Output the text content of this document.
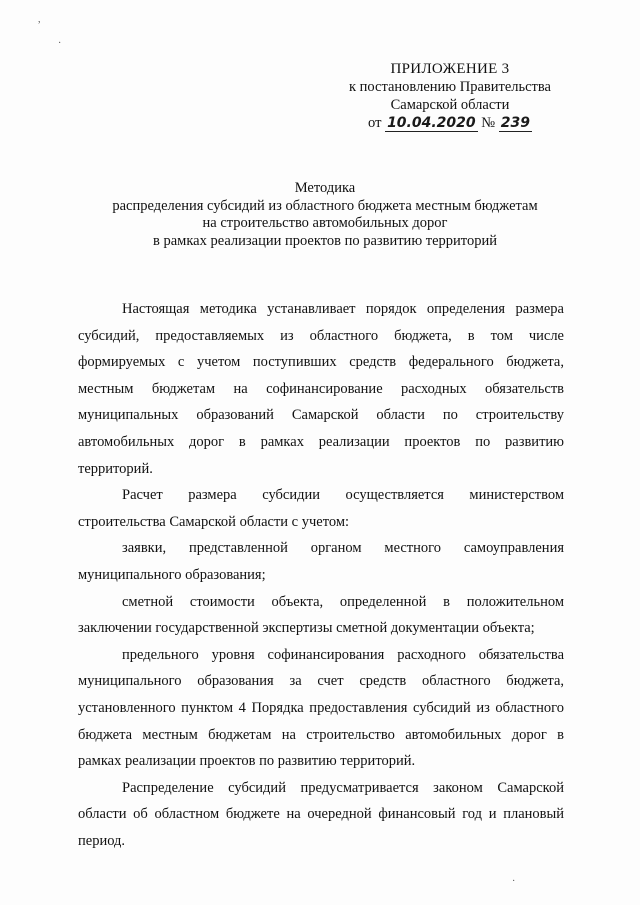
,
·
·
ПРИЛОЖЕНИЕ 3
к постановлению Правительства
Самарской области
от 10.04.2020 № 239
Методика
распределения субсидий из областного бюджета местным бюджетам
на строительство автомобильных дорог
в рамках реализации проектов по развитию территорий

Настоящая методика устанавливает порядок определения размера субсидий, предоставляемых из областного бюджета, в том числе формируемых с учетом поступивших средств федерального бюджета, местным бюджетам на софинансирование расходных обязательств муниципальных образований Самарской области по строительству автомобильных дорог в рамках реализации проектов по развитию территорий.

Расчет размера субсидии осуществляется министерством строительства Самарской области с учетом:

заявки, представленной органом местного самоуправления муниципального образования;

сметной стоимости объекта, определенной в положительном заключении государственной экспертизы сметной документации объекта;

предельного уровня софинансирования расходного обязательства муниципального образования за счет средств областного бюджета, установленного пунктом 4 Порядка предоставления субсидий из областного бюджета местным бюджетам на строительство автомобильных дорог в рамках реализации проектов по развитию территорий.

Распределение субсидий предусматривается законом Самарской области об областном бюджете на очередной финансовый год и плановый период.
